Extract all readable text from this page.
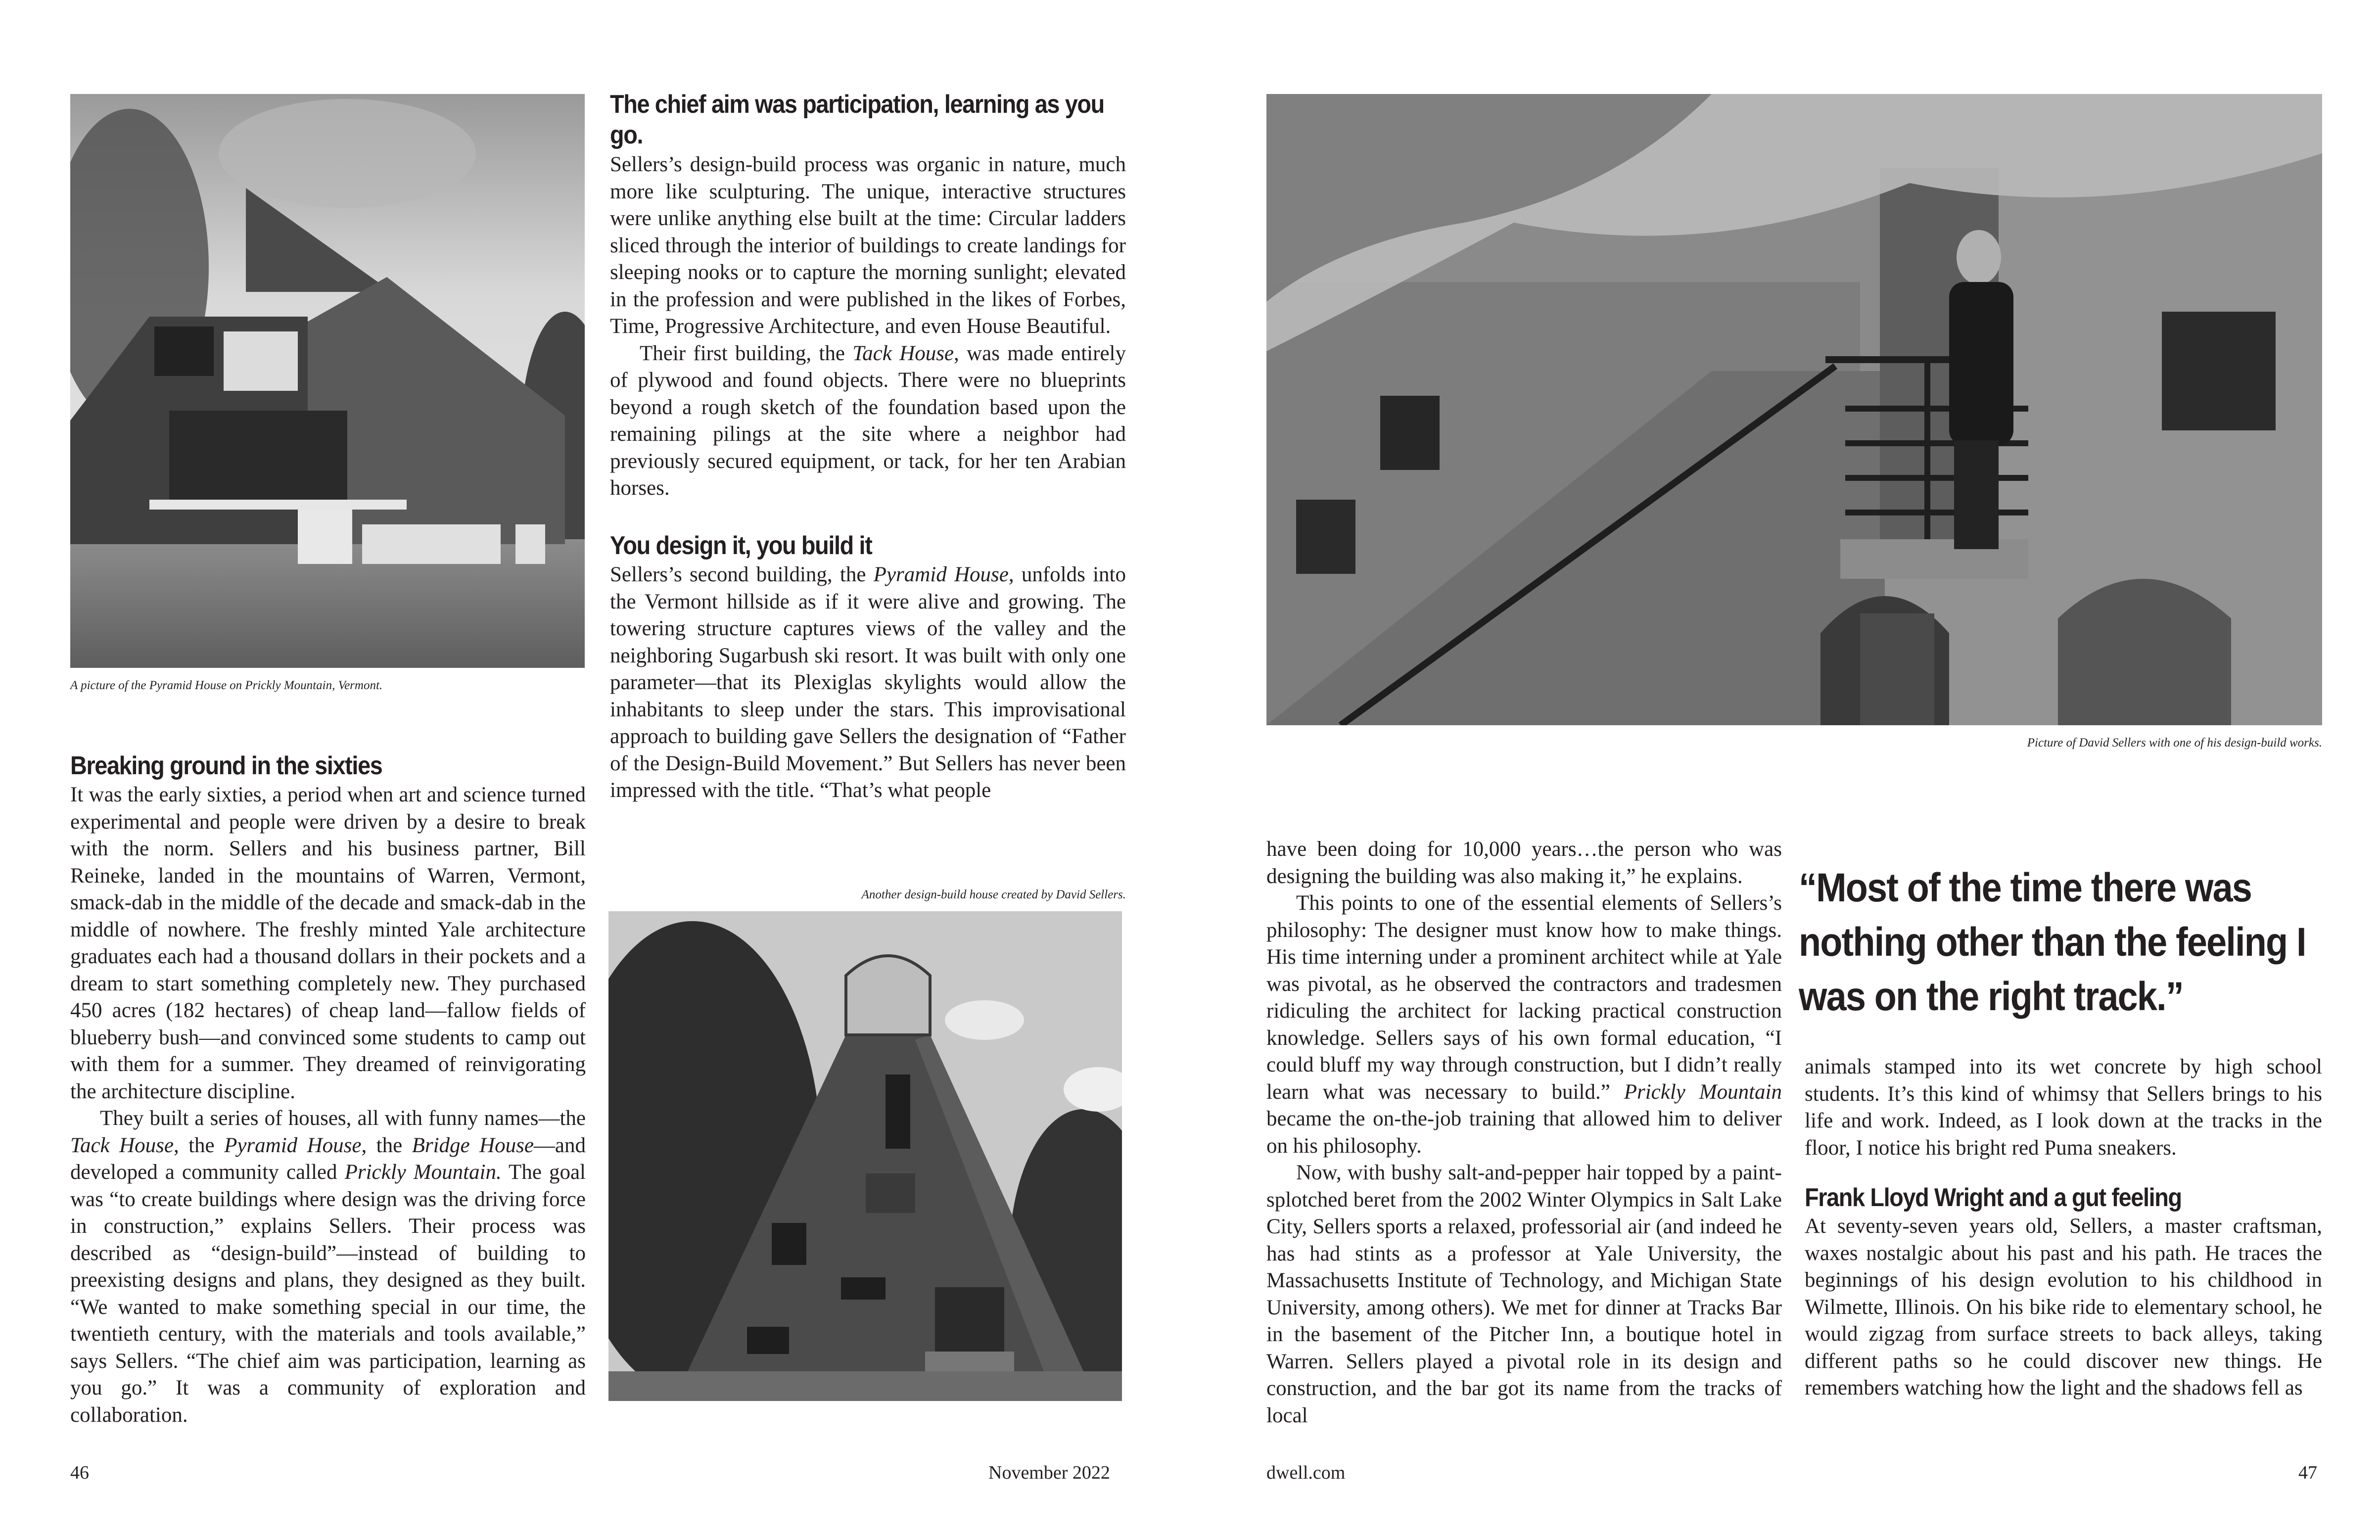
A picture of the Pyramid House on Prickly Mountain, Vermont.
Breaking ground in the sixties

It was the early sixties, a period when art and science turned experimental and people were driven by a desire to break with the norm. Sellers and his business partner, Bill Reineke, landed in the mountains of Warren, Vermont, smack-dab in the middle of the decade and smack-dab in the middle of nowhere. The freshly minted Yale architecture graduates each had a thousand dollars in their pockets and a dream to start something completely new. They purchased 450 acres (182 hectares) of cheap land—fallow fields of blueberry bush—and convinced some students to camp out with them for a summer. They dreamed of reinvigorating the architecture discipline.

They built a series of houses, all with funny names—the Tack House, the Pyramid House, the Bridge House—and developed a community called Prickly Mountain. The goal was “to create buildings where design was the driving force in construction,” explains Sellers. Their process was described as “design-build”—instead of building to preexisting designs and plans, they designed as they built. “We wanted to make something special in our time, the twentieth century, with the materials and tools available,” says Sellers. “The chief aim was participation, learning as you go.” It was a community of exploration and collaboration.

The chief aim was participation, learning as you go.

Sellers’s design-build process was organic in nature, much more like sculpturing. The unique, interactive structures were unlike anything else built at the time: Circular ladders sliced through the interior of buildings to create landings for sleeping nooks or to capture the morning sunlight; elevated in the profession and were published in the likes of Forbes, Time, Progressive Architecture, and even House Beautiful.

Their first building, the Tack House, was made entirely of plywood and found objects. There were no blueprints beyond a rough sketch of the foundation based upon the remaining pilings at the site where a neighbor had previously secured equipment, or tack, for her ten Arabian horses.

You design it, you build it

Sellers’s second building, the Pyramid House, unfolds into the Vermont hillside as if it were alive and growing. The towering structure captures views of the valley and the neighboring Sugarbush ski resort. It was built with only one parameter—that its Plexiglas skylights would allow the inhabitants to sleep under the stars. This improvisational approach to building gave Sellers the designation of “Father of the Design-Build Movement.” But Sellers has never been impressed with the title. “That’s what people

Another design-build house created by David Sellers.
46	November 2022
Picture of David Sellers with one of his design-build works.

have been doing for 10,000 years…the person who was designing the building was also making it,” he explains.

This points to one of the essential elements of Sellers’s philosophy: The designer must know how to make things. His time interning under a prominent architect while at Yale was pivotal, as he observed the contractors and tradesmen ridiculing the architect for lacking practical construction knowledge. Sellers says of his own formal education, “I could bluff my way through construction, but I didn’t really learn what was necessary to build.” Prickly Mountain became the on-the-job training that allowed him to deliver on his philosophy.

Now, with bushy salt-and-pepper hair topped by a paint-splotched beret from the 2002 Winter Olympics in Salt Lake City, Sellers sports a relaxed, professorial air (and indeed he has had stints as a professor at Yale University, the Massachusetts Institute of Technology, and Michigan State University, among others). We met for dinner at Tracks Bar in the basement of the Pitcher Inn, a boutique hotel in Warren. Sellers played a pivotal role in its design and construction, and the bar got its name from the tracks of local

“Most of the time there was nothing other than the feeling I was on the right track.”

animals stamped into its wet concrete by high school students. It’s this kind of whimsy that Sellers brings to his life and work. Indeed, as I look down at the tracks in the floor, I notice his bright red Puma sneakers.

Frank Lloyd Wright and a gut feeling

At seventy-seven years old, Sellers, a master craftsman, waxes nostalgic about his past and his path. He traces the beginnings of his design evolution to his childhood in Wilmette, Illinois. On his bike ride to elementary school, he would zigzag from surface streets to back alleys, taking different paths so he could discover new things. He remembers watching how the light and the shadows fell as

dwell.com	47
